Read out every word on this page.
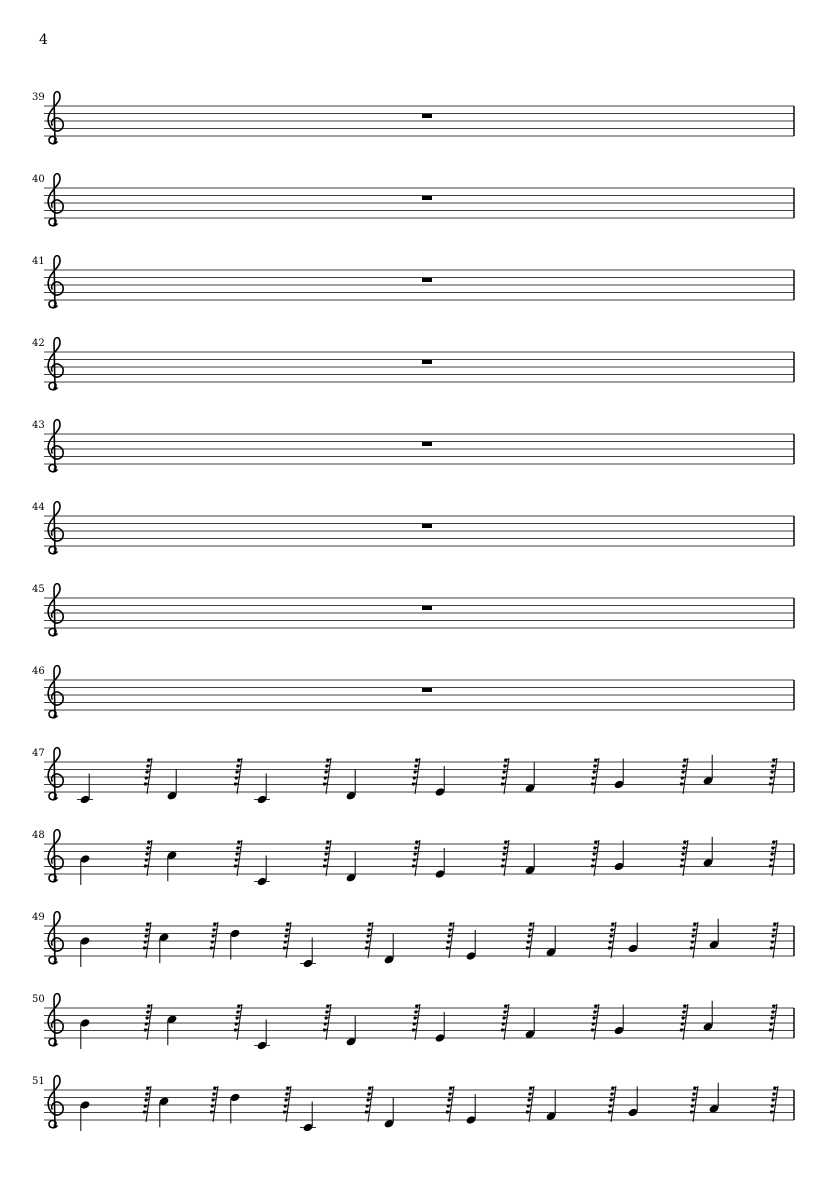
4
39
40
41
42
43
44
45
46
47
48
49
50
51
